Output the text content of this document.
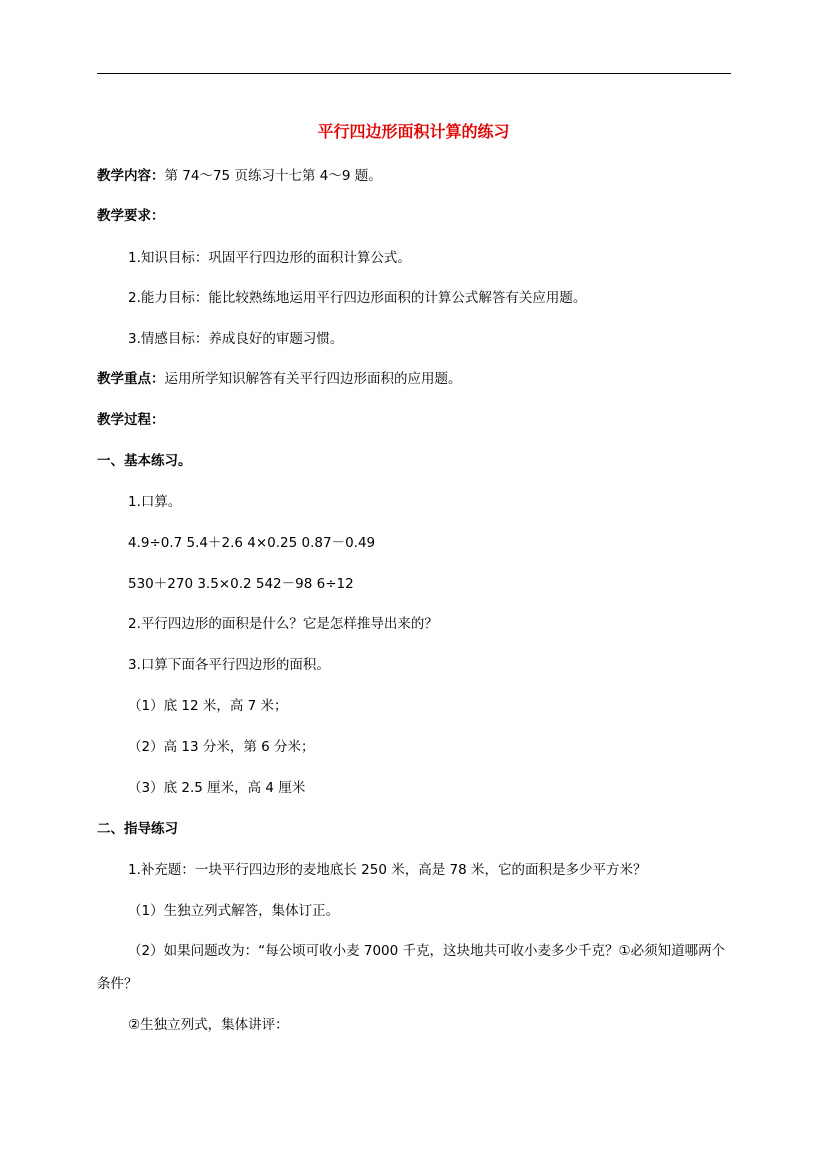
平行四边形面积计算的练习
教学内容：第 74～75 页练习十七第 4～9 题。
教学要求：
1.知识目标：巩固平行四边形的面积计算公式。
2.能力目标：能比较熟练地运用平行四边形面积的计算公式解答有关应用题。
3.情感目标：养成良好的审题习惯。
教学重点：运用所学知识解答有关平行四边形面积的应用题。
教学过程：
一、基本练习。
1.口算。
4.9÷0.7 5.4＋2.6 4×0.25 0.87－0.49
530＋270 3.5×0.2 542－98 6÷12
2.平行四边形的面积是什么？它是怎样推导出来的？
3.口算下面各平行四边形的面积。
（1）底 12 米，高 7 米；
（2）高 13 分米，第 6 分米；
（3）底 2.5 厘米，高 4 厘米
二、指导练习
1.补充题：一块平行四边形的麦地底长 250 米，高是 78 米，它的面积是多少平方米？
（1）生独立列式解答，集体订正。
（2）如果问题改为：“每公顷可收小麦 7000 千克，这块地共可收小麦多少千克？①必须知道哪两个条件？
②生独立列式，集体讲评：
